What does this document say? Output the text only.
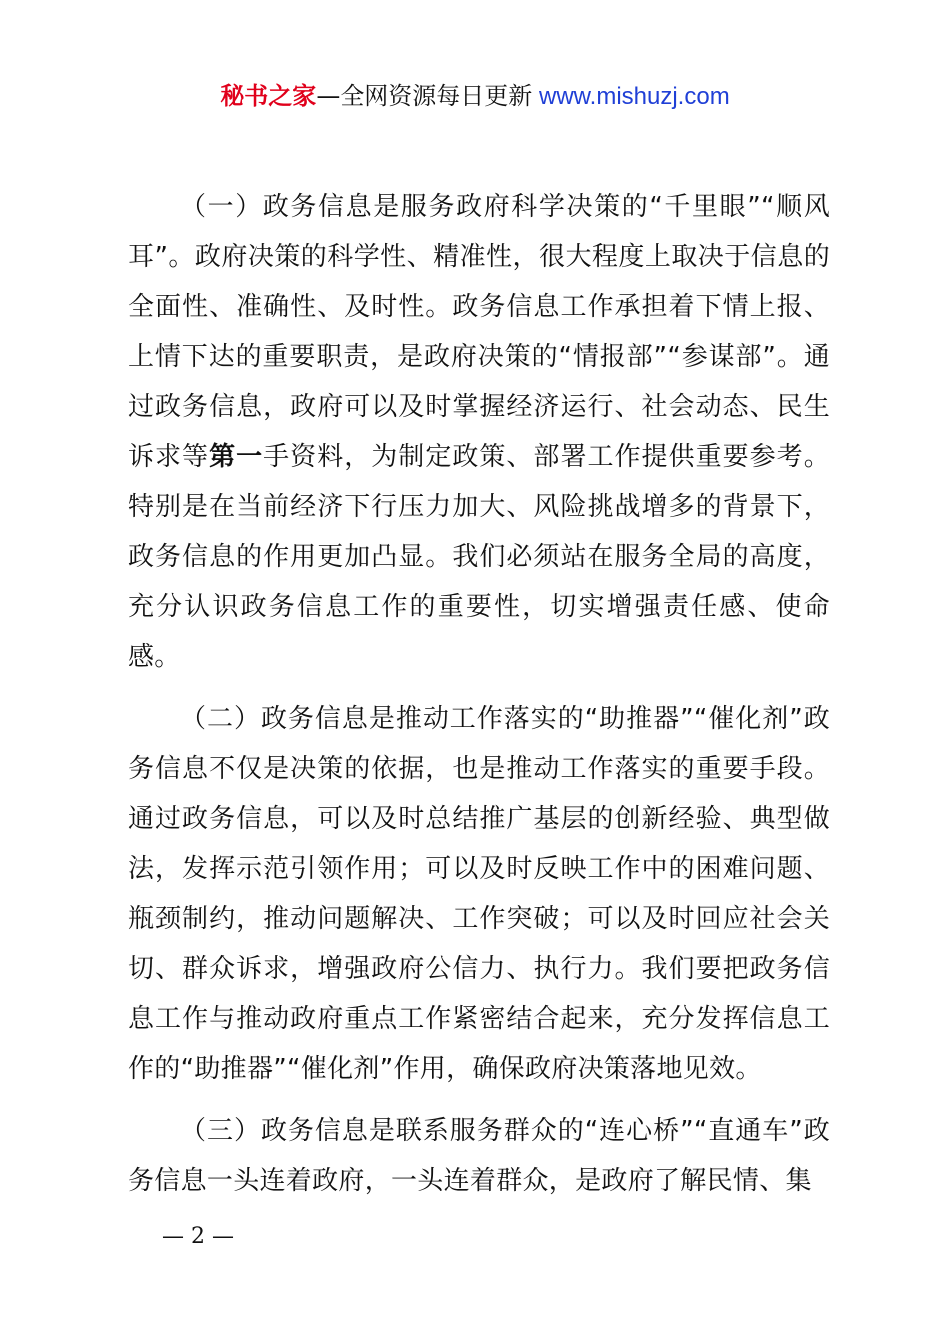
秘书之家—全网资源每日更新 www.mishuzj.com

（一）政务信息是服务政府科学决策的“千里眼”“顺风耳”。政府决策的科学性、精准性，很大程度上取决于信息的全面性、准确性、及时性。政务信息工作承担着下情上报、上情下达的重要职责，是政府决策的“情报部”“参谋部”。通过政务信息，政府可以及时掌握经济运行、社会动态、民生诉求等第一手资料，为制定政策、部署工作提供重要参考。特别是在当前经济下行压力加大、风险挑战增多的背景下，政务信息的作用更加凸显。我们必须站在服务全局的高度，充分认识政务信息工作的重要性，切实增强责任感、使命感。

（二）政务信息是推动工作落实的“助推器”“催化剂”政务信息不仅是决策的依据，也是推动工作落实的重要手段。通过政务信息，可以及时总结推广基层的创新经验、典型做法，发挥示范引领作用；可以及时反映工作中的困难问题、瓶颈制约，推动问题解决、工作突破；可以及时回应社会关切、群众诉求，增强政府公信力、执行力。我们要把政务信息工作与推动政府重点工作紧密结合起来，充分发挥信息工作的“助推器”“催化剂”作用，确保政府决策落地见效。

（三）政务信息是联系服务群众的“连心桥”“直通车”政务信息一头连着政府，一头连着群众，是政府了解民情、集

— 2 —
